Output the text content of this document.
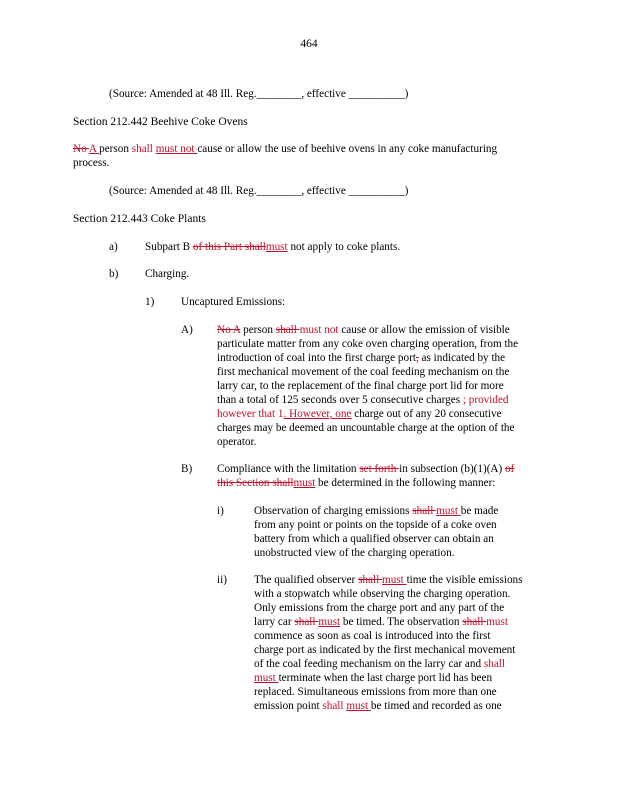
464
(Source: Amended at 48 Ill. Reg.________, effective __________)
Section 212.442 Beehive Coke Ovens
No A person shall must not cause or allow the use of beehive ovens in any coke manufacturing
process.
(Source: Amended at 48 Ill. Reg.________, effective __________)
Section 212.443 Coke Plants
a) Subpart B of this Part shallmust not apply to coke plants.
b) Charging.
1) Uncaptured Emissions:
A) No A person shall must not cause or allow the emission of visible
particulate matter from any coke oven charging operation, from the
introduction of coal into the first charge port, as indicated by the
first mechanical movement of the coal feeding mechanism on the
larry car, to the replacement of the final charge port lid for more
than a total of 125 seconds over 5 consecutive charges ; provided
however that 1. However, one charge out of any 20 consecutive
charges may be deemed an uncountable charge at the option of the
operator.
B) Compliance with the limitation set forth in subsection (b)(1)(A) of
this Section shallmust be determined in the following manner:
i)	Observation of charging emissions shall must be made
from any point or points on the topside of a coke oven
battery from which a qualified observer can obtain an
unobstructed view of the charging operation.
ii) The qualified observer shall must time the visible emissions
with a stopwatch while observing the charging operation.
Only emissions from the charge port and any part of the
larry car shall must be timed. The observation shall must
commence as soon as coal is introduced into the first
charge port as indicated by the first mechanical movement
of the coal feeding mechanism on the larry car and shall
must terminate when the last charge port lid has been
replaced. Simultaneous emissions from more than one
emission point shall must be timed and recorded as one
